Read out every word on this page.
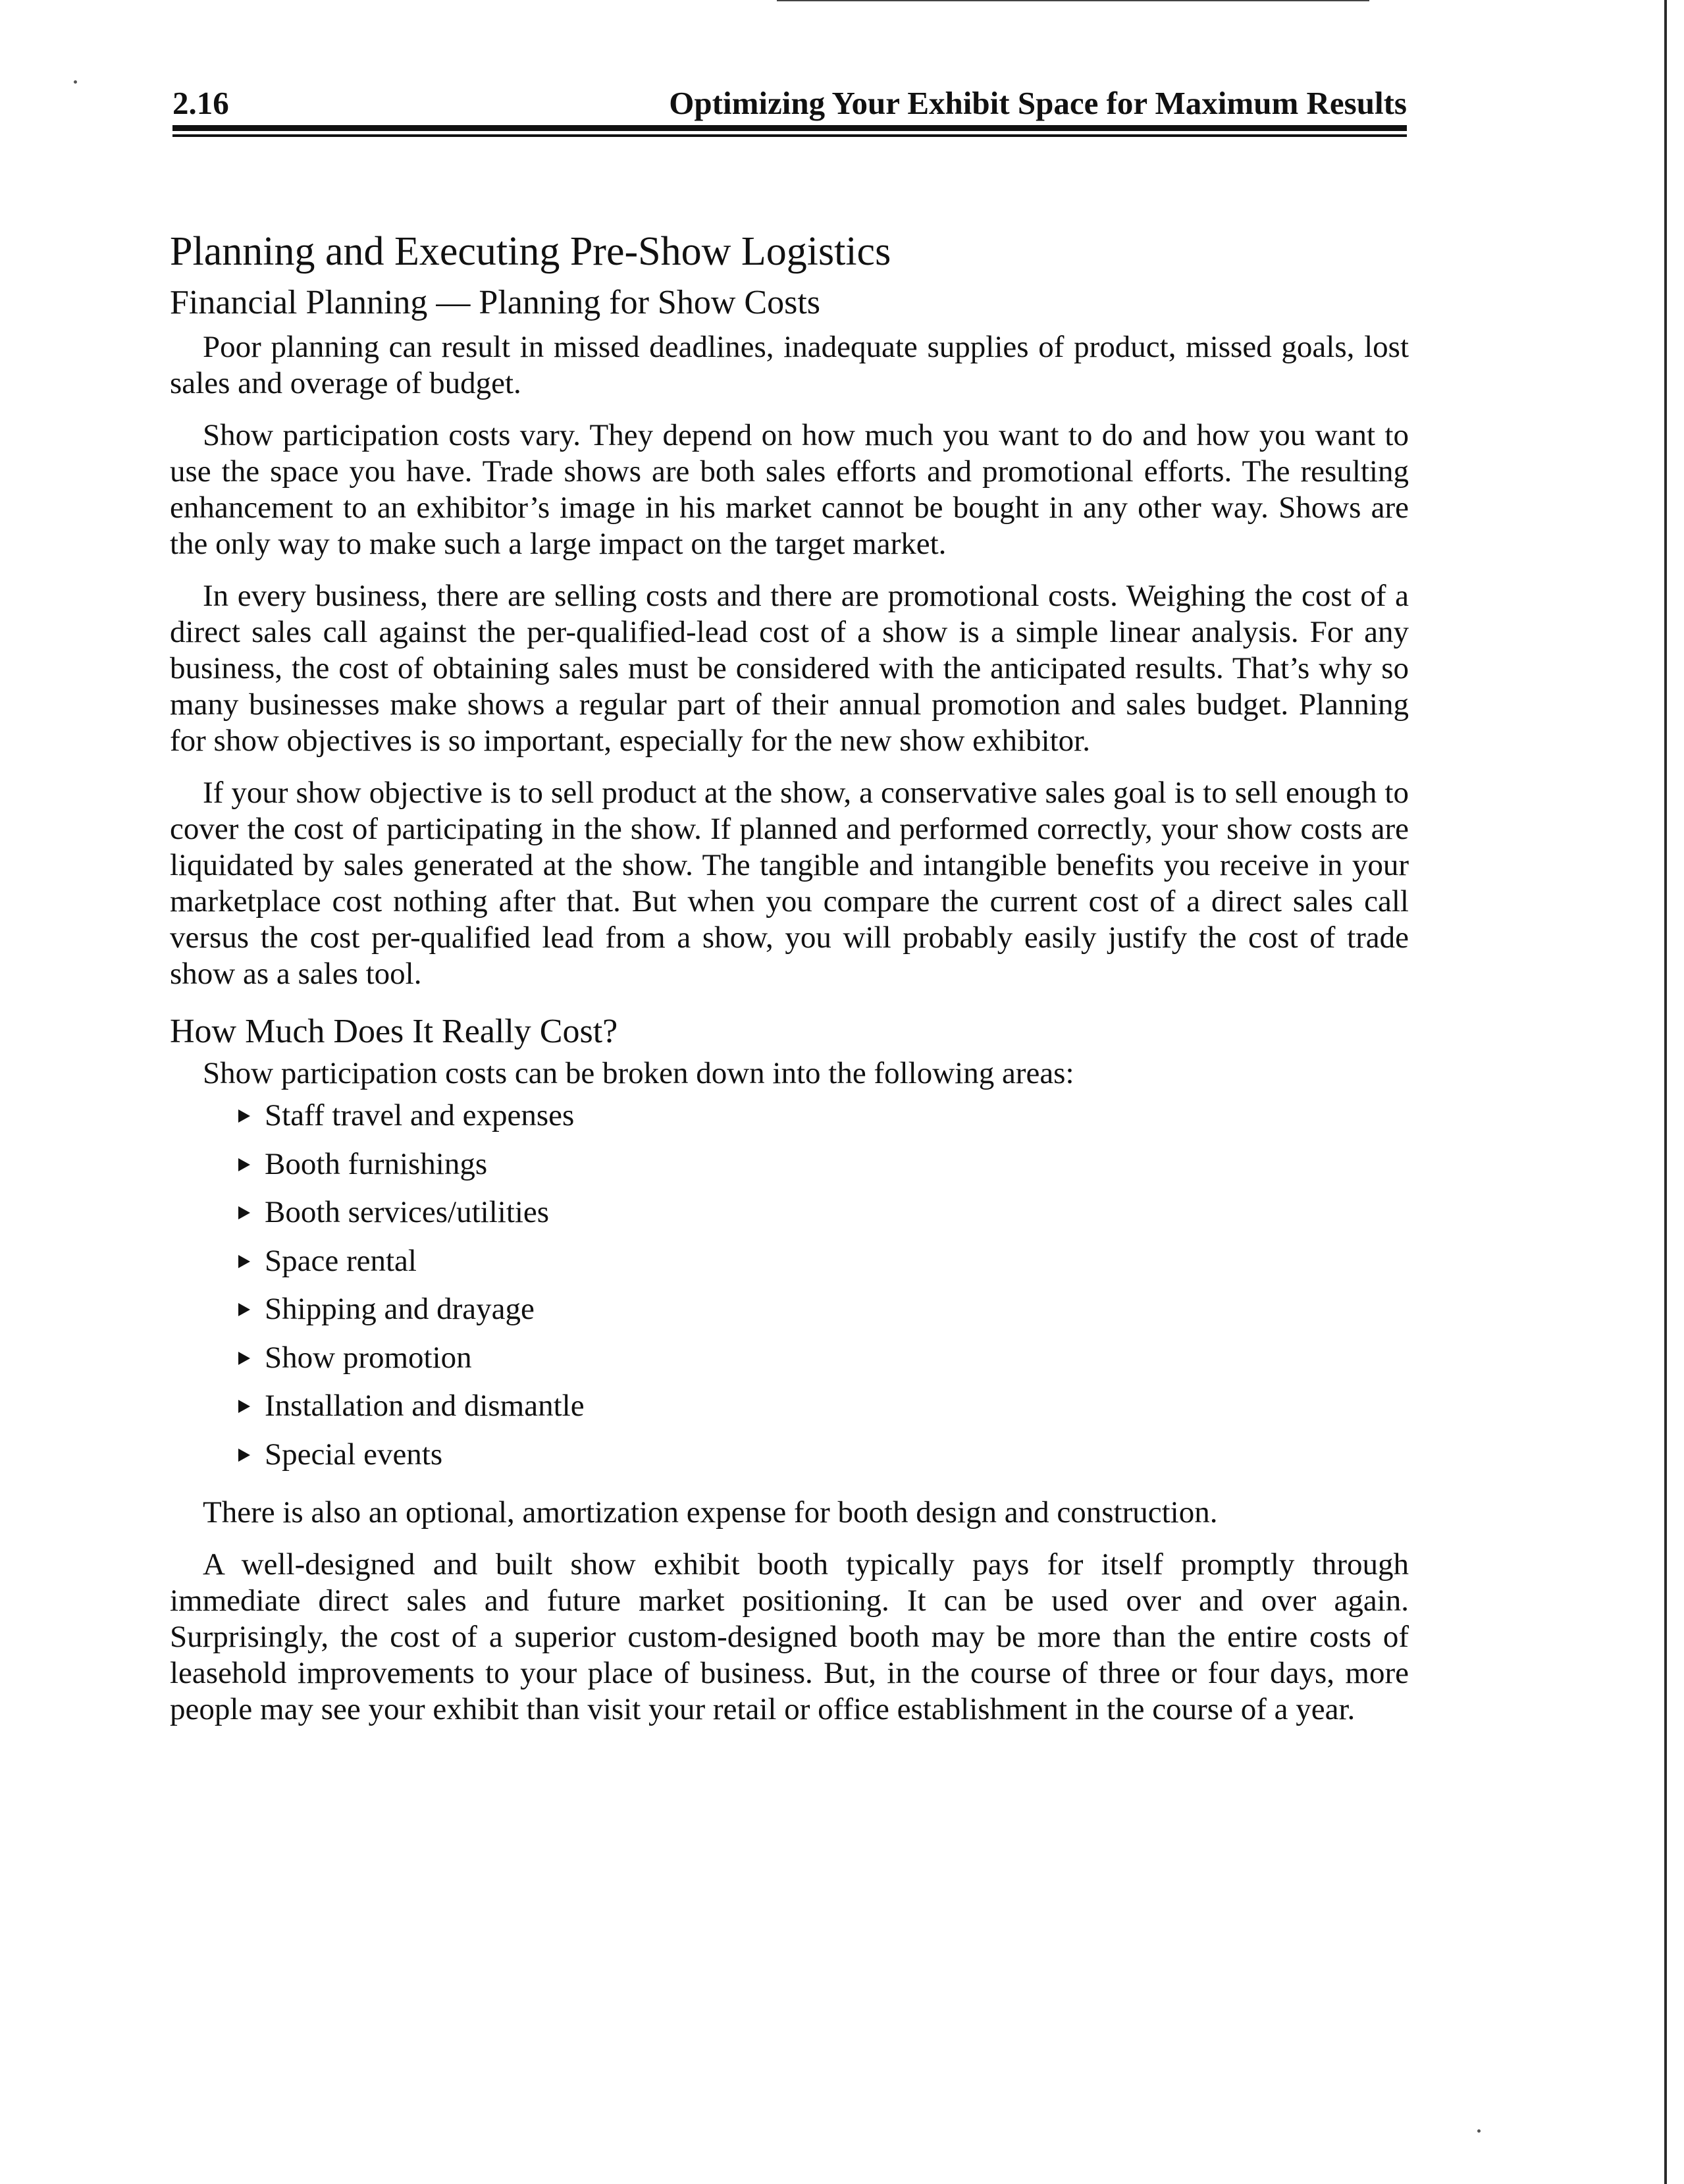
2.16	Optimizing Your Exhibit Space for Maximum Results
Planning and Executing Pre-Show Logistics
Financial Planning — Planning for Show Costs

Poor planning can result in missed deadlines, inadequate supplies of product, missed goals, lost sales and overage of budget.

Show participation costs vary. They depend on how much you want to do and how you want to use the space you have. Trade shows are both sales efforts and promotional efforts. The resulting enhancement to an exhibitor’s image in his market cannot be bought in any other way. Shows are the only way to make such a large impact on the target market.

In every business, there are selling costs and there are promotional costs. Weighing the cost of a direct sales call against the per-qualified-lead cost of a show is a simple linear analysis. For any business, the cost of obtaining sales must be considered with the anticipated results. That’s why so many businesses make shows a regular part of their annual promotion and sales budget. Planning for show objectives is so important, especially for the new show exhibitor.

If your show objective is to sell product at the show, a conservative sales goal is to sell enough to cover the cost of participating in the show. If planned and performed correctly, your show costs are liquidated by sales generated at the show. The tangible and intangible benefits you receive in your marketplace cost nothing after that. But when you compare the current cost of a direct sales call versus the cost per-qualified lead from a show, you will probably easily justify the cost of trade show as a sales tool.

How Much Does It Really Cost?

Show participation costs can be broken down into the following areas:

Staff travel and expenses
Booth furnishings
Booth services/utilities
Space rental
Shipping and drayage
Show promotion
Installation and dismantle
Special events

There is also an optional, amortization expense for booth design and construction.

A well-designed and built show exhibit booth typically pays for itself promptly through immediate direct sales and future market positioning. It can be used over and over again. Surprisingly, the cost of a superior custom-designed booth may be more than the entire costs of leasehold improvements to your place of business. But, in the course of three or four days, more people may see your exhibit than visit your retail or office establishment in the course of a year.
